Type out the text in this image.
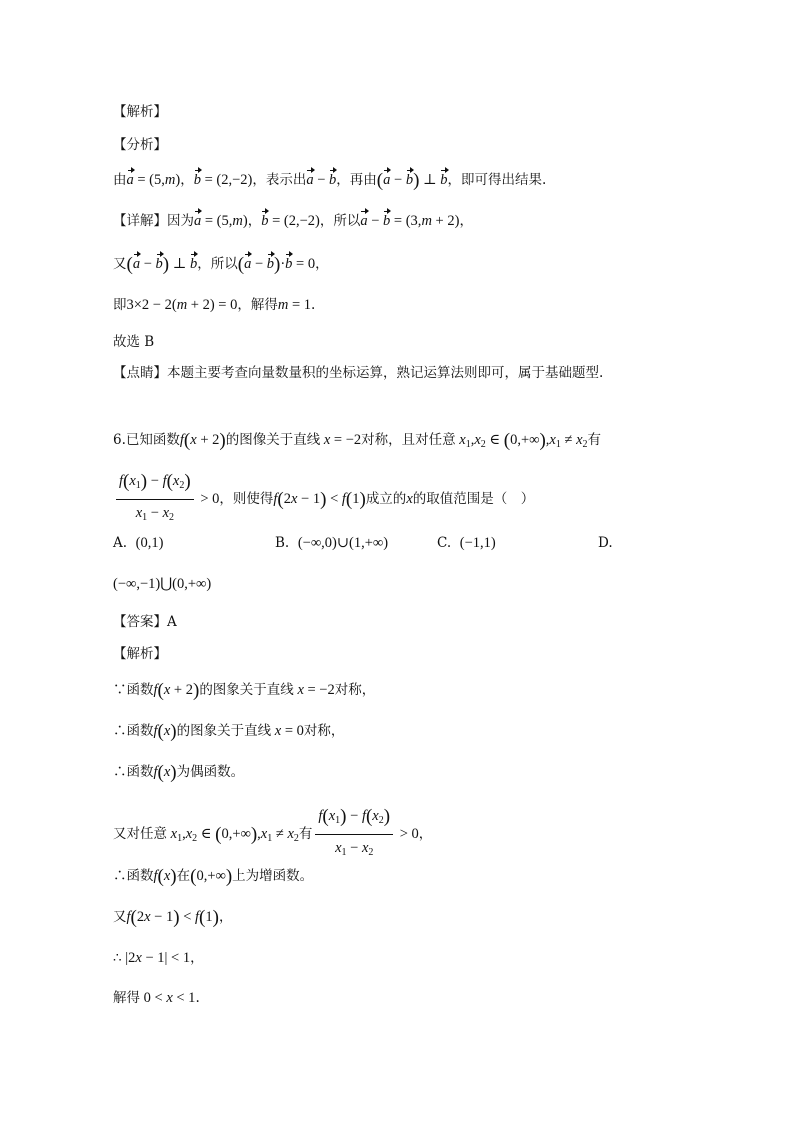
【解析】
【分析】
由a = (5,m)，b = (2,−2)，表示出a − b，再由(a − b) ⊥ b，即可得出结果.
【详解】因为a = (5,m)，b = (2,−2)，所以a − b = (3,m + 2)，
又(a − b) ⊥ b，所以(a − b)·b = 0，
即3×2 − 2(m + 2) = 0，解得m = 1.
故选 B
【点睛】本题主要考查向量数量积的坐标运算，熟记运算法则即可，属于基础题型.
6.已知函数f(x + 2)的图像关于直线 x = −2对称，且对任意 $x_1,x_2$ ∈ $(0,+\infty),x_1 \ne x_2$有
$\frac{f(x_1) - f(x_2)}{x_1 - x_2} > 0$，则使得f(2x − 1) < f(1)成立的x的取值范围是（　）
A. (0,1)	B. (−∞,0)∪(1,+∞)	C. (−1,1)	D.
(−∞,−1)⋃(0,+∞)
【答案】A
【解析】
∵函数f(x + 2)的图象关于直线 x = −2对称，
∴函数f(x)的图象关于直线 x = 0对称，
∴函数f(x)为偶函数。
又对任意 $x_1,x_2$ ∈ $(0,+\infty),x_1 \ne x_2$有 $\frac{f(x_1) - f(x_2)}{x_1 - x_2} > 0$，
∴函数f(x)在(0,+∞)上为增函数。
又f(2x − 1) < f(1)，
∴ |2x − 1| < 1，
解得 0 < x < 1.
